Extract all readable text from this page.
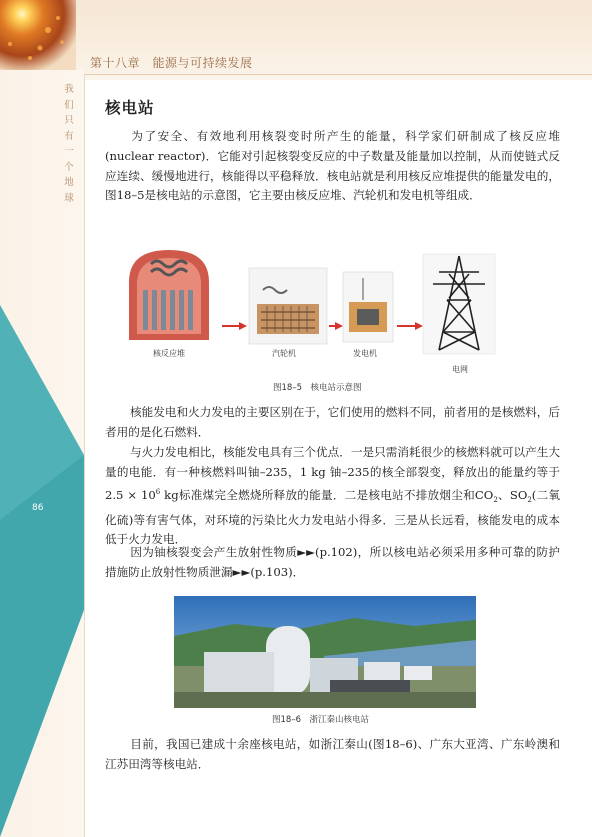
第十八章　能源与可持续发展
我们只有一个地球
86
核电站
为了安全、有效地利用核裂变时所产生的能量，科学家们研制成了核反应堆(nuclear reactor)．它能对引起核裂变反应的中子数量及能量加以控制，从而使链式反应连续、缓慢地进行，核能得以平稳释放．核电站就是利用核反应堆提供的能量发电的，图18–5是核电站的示意图，它主要由核反应堆、汽轮机和发电机等组成．
核反应堆	汽轮机	发电机
电网
图18–5　核电站示意图
核能发电和火力发电的主要区别在于，它们使用的燃料不同，前者用的是核燃料，后者用的是化石燃料．
与火力发电相比，核能发电具有三个优点．一是只需消耗很少的核燃料就可以产生大量的电能．有一种核燃料叫铀–235，1 kg 铀–235的核全部裂变，释放出的能量约等于$2.5 \times 10^6$ kg标准煤完全燃烧所释放的能量．二是核电站不排放烟尘和$CO_2$、$SO_2$(二氧化硫)等有害气体，对环境的污染比火力发电站小得多．三是从长远看，核能发电的成本低于火力发电．
因为铀核裂变会产生放射性物质►►(p.102)，所以核电站必须采用多种可靠的防护措施防止放射性物质泄漏►►(p.103)．
图18–6　浙江秦山核电站
目前，我国已建成十余座核电站，如浙江秦山(图18–6)、广东大亚湾、广东岭澳和江苏田湾等核电站．
